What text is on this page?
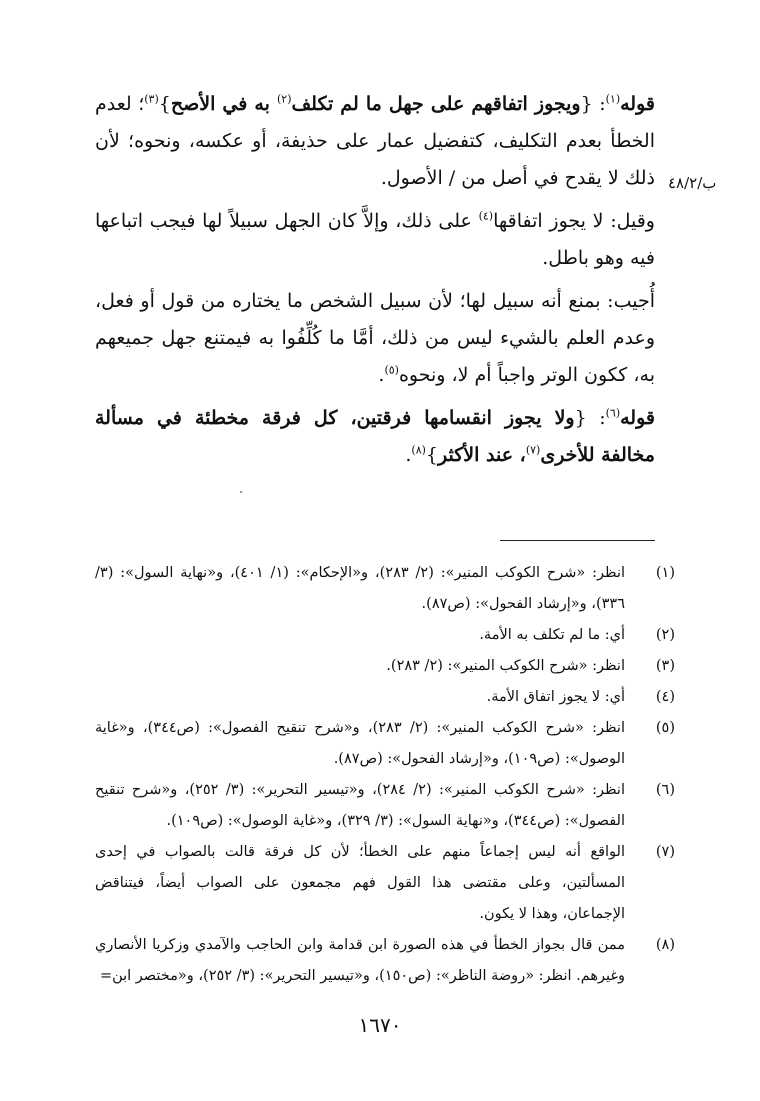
ب/٤٨/٢

قوله$^{(١)}$: {ويجوز اتفاقهم على جهل ما لم تكلف$^{(٢)}$ به في الأصح}$^{(٣)}$؛ لعدم الخطأ بعدم التكليف، كتفضيل عمار على حذيفة، أو عكسه، ونحوه؛ لأن ذلك لا يقدح في أصل من / الأصول.

وقيل: لا يجوز اتفاقها$^{(٤)}$ على ذلك، وإلاَّ كان الجهل سبيلاً لها فيجب اتباعها فيه وهو باطل.

أُجيب: بمنع أنه سبيل لها؛ لأن سبيل الشخص ما يختاره من قول أو فعل، وعدم العلم بالشيء ليس من ذلك، أمَّا ما كُلِّفُوا به فيمتنع جهل جميعهم به، ككون الوتر واجباً أم لا، ونحوه$^{(٥)}$.

قوله$^{(٦)}$: {ولا يجوز انقسامها فرقتين، كل فرقة مخطئة في مسألة مخالفة للأخرى$^{(٧)}$، عند الأكثر}$^{(٨)}$.

(١)
انظر: «شرح الكوكب المنير»: (٢/ ٢٨٣)، و«الإحكام»: (١/ ٤٠١)، و«نهاية السول»: (٣/ ٣٣٦)، و«إرشاد الفحول»: (ص٨٧).
(٢)
أي: ما لم تكلف به الأمة.
(٣)
انظر: «شرح الكوكب المنير»: (٢/ ٢٨٣).
(٤)
أي: لا يجوز اتفاق الأمة.
(٥)
انظر: «شرح الكوكب المنير»: (٢/ ٢٨٣)، و«شرح تنقيح الفصول»: (ص٣٤٤)، و«غاية الوصول»: (ص١٠٩)، و«إرشاد الفحول»: (ص٨٧).
(٦)
انظر: «شرح الكوكب المنير»: (٢/ ٢٨٤)، و«تيسير التحرير»: (٣/ ٢٥٢)، و«شرح تنقيح الفصول»: (ص٣٤٤)، و«نهاية السول»: (٣/ ٣٢٩)، و«غاية الوصول»: (ص١٠٩).
(٧)
الواقع أنه ليس إجماعاً منهم على الخطأ؛ لأن كل فرقة قالت بالصواب في إحدى المسألتين، وعلى مقتضى هذا القول فهم مجمعون على الصواب أيضاً، فيتناقض الإجماعان، وهذا لا يكون.
(٨)
ممن قال بجواز الخطأ في هذه الصورة ابن قدامة وابن الحاجب والآمدي وزكريا الأنصاري وغيرهم. انظر: «روضة الناظر»: (ص١٥٠)، و«تيسير التحرير»: (٣/ ٢٥٢)، و«مختصر ابن=
١٦٧٠
